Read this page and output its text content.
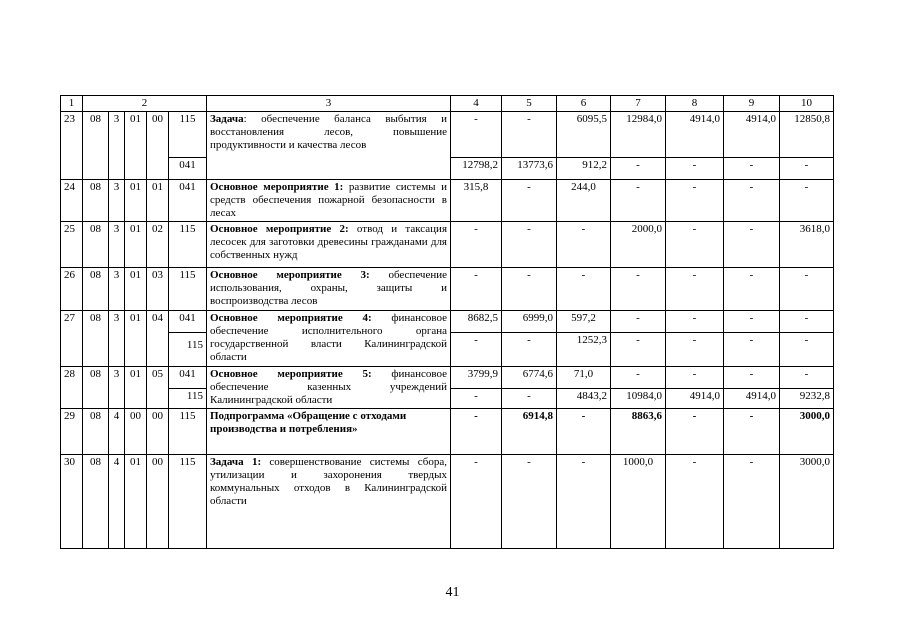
1	2					3	4	5	6	7	8	9	10
23	08	3	01	00	115	Задача: обеспечение баланса выбытия и восстановления лесов, повышение продуктивности и качества лесов	-	-	6095,5	12984,0	4914,0	4914,0	12850,8
					041		12798,2	13773,6	912,2	-	-	-	-
24	08	3	01	01	041	Основное мероприятие 1: развитие системы и средств обеспечения пожарной безопасности в лесах	315,8	-	244,0	-	-	-	-
25	08	3	01	02	115	Основное мероприятие 2: отвод и таксация лесосек для заготовки древесины гражданами для собственных нужд	-	-	-	2000,0	-	-	3618,0
26	08	3	01	03	115	Основное мероприятие 3: обеспечение использования, охраны, защиты и воспроизводства лесов	-	-	-	-	-	-	-
27	08	3	01	04	041	Основное мероприятие 4: финансовое обеспечение исполнительного органа государственной власти Калининградской области	8682,5	6999,0	597,2	-	-	-	-
					115		-	-	1252,3	-	-	-	-
28	08	3	01	05	041	Основное мероприятие 5: финансовое обеспечение казенных учреждений Калининградской области	3799,9	6774,6	71,0	-	-	-	-
					115		-	-	4843,2	10984,0	4914,0	4914,0	9232,8
29	08	4	00	00	115	Подпрограмма «Обращение с отходами производства и потребления»	-	6914,8	-	8863,6	-	-	3000,0
30	08	4	01	00	115	Задача 1: совершенствование системы сбора, утилизации и захоронения твердых коммунальных отходов в Калининградской области	-	-	-	1000,0	-	-	3000,0
41
